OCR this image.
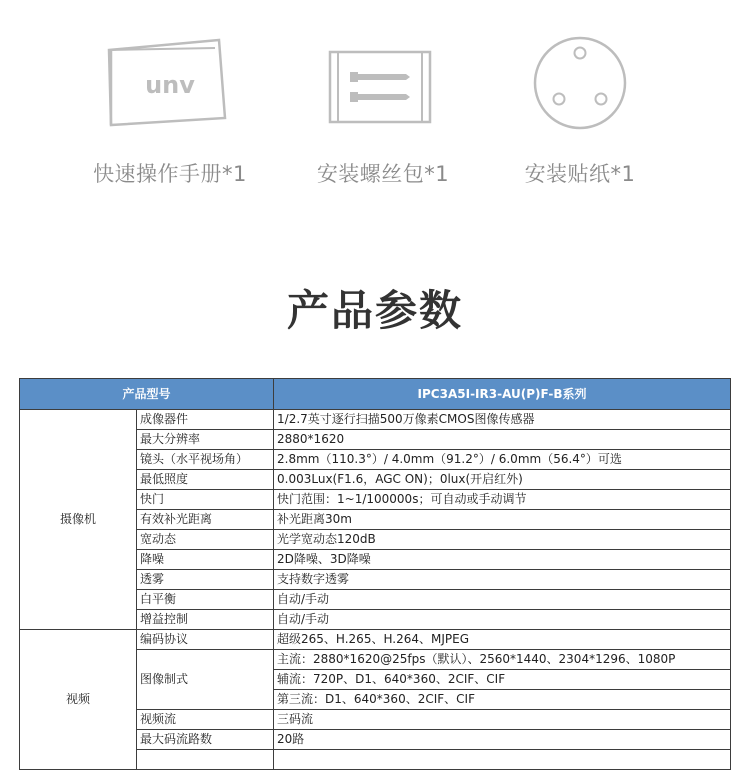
unv
快速操作手册*1	安装螺丝包*1	安装贴纸*1
产品参数
产品型号		IPC3A5I-IR3-AU(P)F-B系列
摄像机	成像器件	1/2.7英寸逐行扫描500万像素CMOS图像传感器
	最大分辨率	2880*1620
	镜头（水平视场角）	2.8mm（110.3°）/ 4.0mm（91.2°）/ 6.0mm（56.4°）可选
	最低照度	0.003Lux(F1.6，AGC ON)；0lux(开启红外)
	快门	快门范围：1~1/100000s；可自动或手动调节
	有效补光距离	补光距离30m
	宽动态	光学宽动态120dB
	降噪	2D降噪、3D降噪
	透雾	支持数字透雾
	白平衡	自动/手动
	增益控制	自动/手动
视频	编码协议	超级265、H.265、H.264、MJPEG
	图像制式	主流：2880*1620@25fps（默认）、2560*1440、2304*1296、1080P
		辅流：720P、D1、640*360、2CIF、CIF
		第三流：D1、640*360、2CIF、CIF
	视频流	三码流
	最大码流路数	20路
